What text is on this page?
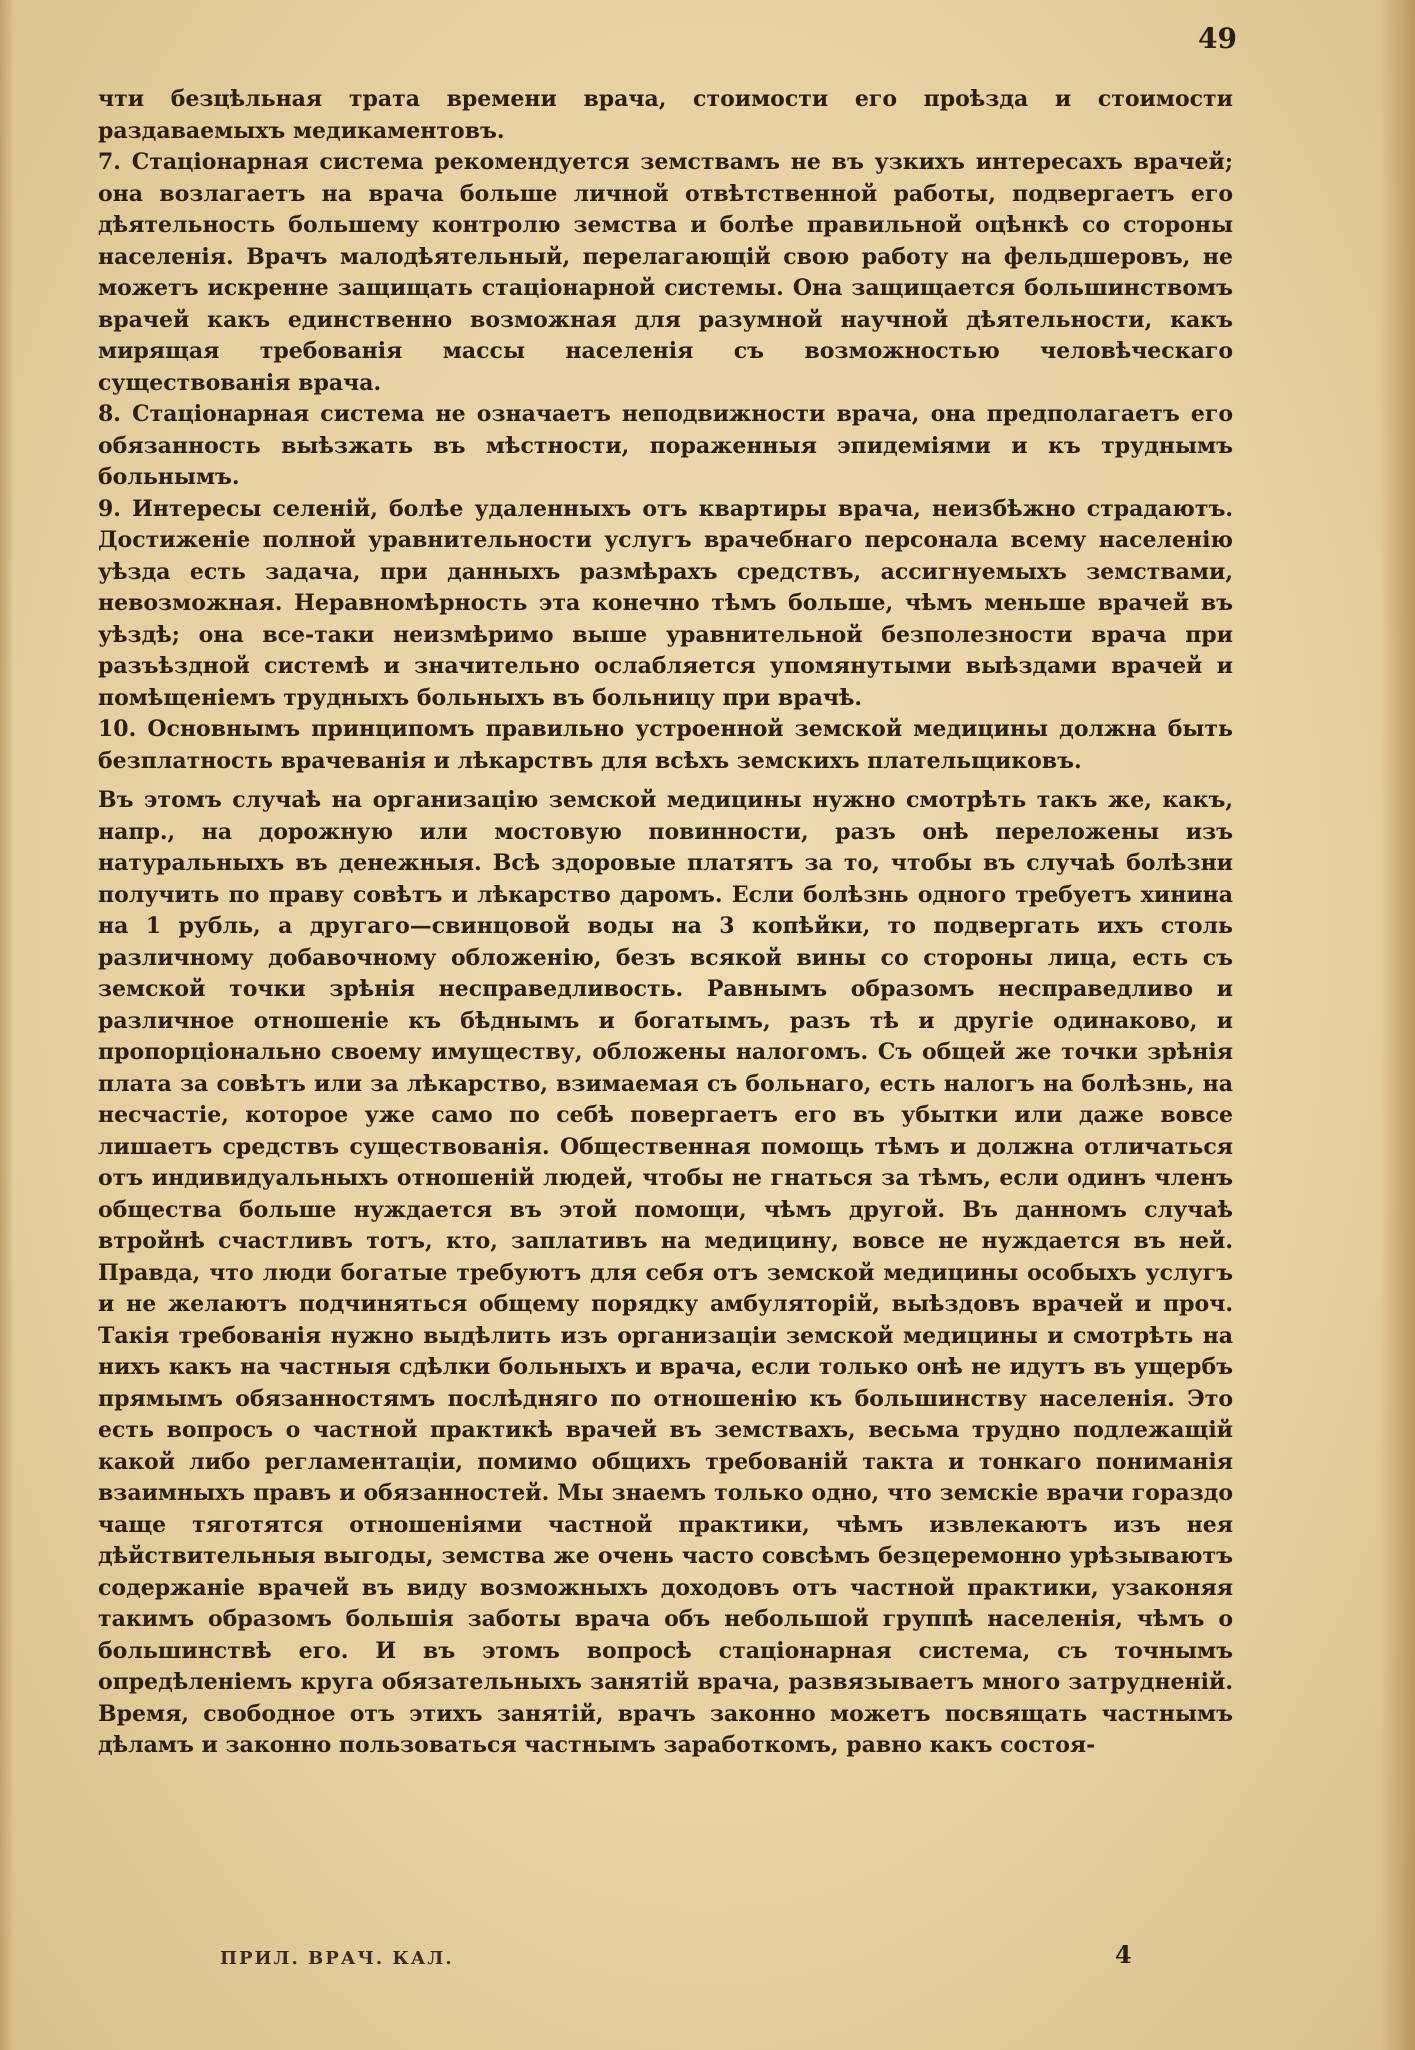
49

чти безцѣльная трата времени врача, стоимости его проѣзда и стоимости раздаваемыхъ медикаментовъ.

7. Стаціонарная система рекомендуется земствамъ не въ узкихъ интересахъ врачей; она возлагаетъ на врача больше личной отвѣтственной работы, подвергаетъ его дѣятельность большему контролю земства и болѣе правильной оцѣнкѣ со стороны населенія. Врачъ малодѣятельный, перелагающій свою работу на фельдшеровъ, не можетъ искренне защищать стаціонарной системы. Она защищается большинствомъ врачей какъ единственно возможная для разумной научной дѣятельности, какъ мирящая требованія массы населенія съ возможностью человѣческаго существованія врача.

8. Стаціонарная система не означаетъ неподвижности врача, она предполагаетъ его обязанность выѣзжать въ мѣстности, пораженныя эпидеміями и къ труднымъ больнымъ.

9. Интересы селеній, болѣе удаленныхъ отъ квартиры врача, неизбѣжно страдаютъ. Достиженіе полной уравнительности услугъ врачебнаго персонала всему населенію уѣзда есть задача, при данныхъ размѣрахъ средствъ, ассигнуемыхъ земствами, невозможная. Неравномѣрность эта конечно тѣмъ больше, чѣмъ меньше врачей въ уѣздѣ; она все-таки неизмѣримо выше уравнительной безполезности врача при разъѣздной системѣ и значительно ослабляется упомянутыми выѣздами врачей и помѣщеніемъ трудныхъ больныхъ въ больницу при врачѣ.

10. Основнымъ принципомъ правильно устроенной земской медицины должна быть безплатность врачеванія и лѣкарствъ для всѣхъ земскихъ плательщиковъ.

Въ этомъ случаѣ на организацію земской медицины нужно смотрѣть такъ же, какъ, напр., на дорожную или мостовую повинности, разъ онѣ переложены изъ натуральныхъ въ денежныя. Всѣ здоровые платятъ за то, чтобы въ случаѣ болѣзни получить по праву совѣтъ и лѣкарство даромъ. Если болѣзнь одного требуетъ хинина на 1 рубль, а другаго—свинцовой воды на 3 копѣйки, то подвергать ихъ столь различному добавочному обложенію, безъ всякой вины со стороны лица, есть съ земской точки зрѣнія несправедливость. Равнымъ образомъ несправедливо и различное отношеніе къ бѣднымъ и богатымъ, разъ тѣ и другіе одинаково, и пропорціонально своему имуществу, обложены налогомъ. Съ общей же точки зрѣнія плата за совѣтъ или за лѣкарство, взимаемая съ больнаго, есть налогъ на болѣзнь, на несчастіе, которое уже само по себѣ повергаетъ его въ убытки или даже вовсе лишаетъ средствъ существованія. Общественная помощь тѣмъ и должна отличаться отъ индивидуальныхъ отношеній людей, чтобы не гнаться за тѣмъ, если одинъ членъ общества больше нуждается въ этой помощи, чѣмъ другой. Въ данномъ случаѣ втройнѣ счастливъ тотъ, кто, заплативъ на медицину, вовсе не нуждается въ ней. Правда, что люди богатые требуютъ для себя отъ земской медицины особыхъ услугъ и не желаютъ подчиняться общему порядку амбуляторій, выѣздовъ врачей и проч. Такія требованія нужно выдѣлить изъ организаціи земской медицины и смотрѣть на нихъ какъ на частныя сдѣлки больныхъ и врача, если только онѣ не идутъ въ ущербъ прямымъ обязанностямъ послѣдняго по отношенію къ большинству населенія. Это есть вопросъ о частной практикѣ врачей въ земствахъ, весьма трудно подлежащій какой либо регламентаціи, помимо общихъ требованій такта и тонкаго пониманія взаимныхъ правъ и обязанностей. Мы знаемъ только одно, что земскіе врачи гораздо чаще тяготятся отношеніями частной практики, чѣмъ извлекаютъ изъ нея дѣйствительныя выгоды, земства же очень часто совсѣмъ безцеремонно урѣзываютъ содержаніе врачей въ виду возможныхъ доходовъ отъ частной практики, узаконяя такимъ образомъ большія заботы врача объ небольшой группѣ населенія, чѣмъ о большинствѣ его. И въ этомъ вопросѣ стаціонарная система, съ точнымъ опредѣленіемъ круга обязательныхъ занятій врача, развязываетъ много затрудненій. Время, свободное отъ этихъ занятій, врачъ законно можетъ посвящать частнымъ дѣламъ и законно пользоваться частнымъ заработкомъ, равно какъ состоя-

ПРИЛ. ВРАЧ. КАЛ.	4
